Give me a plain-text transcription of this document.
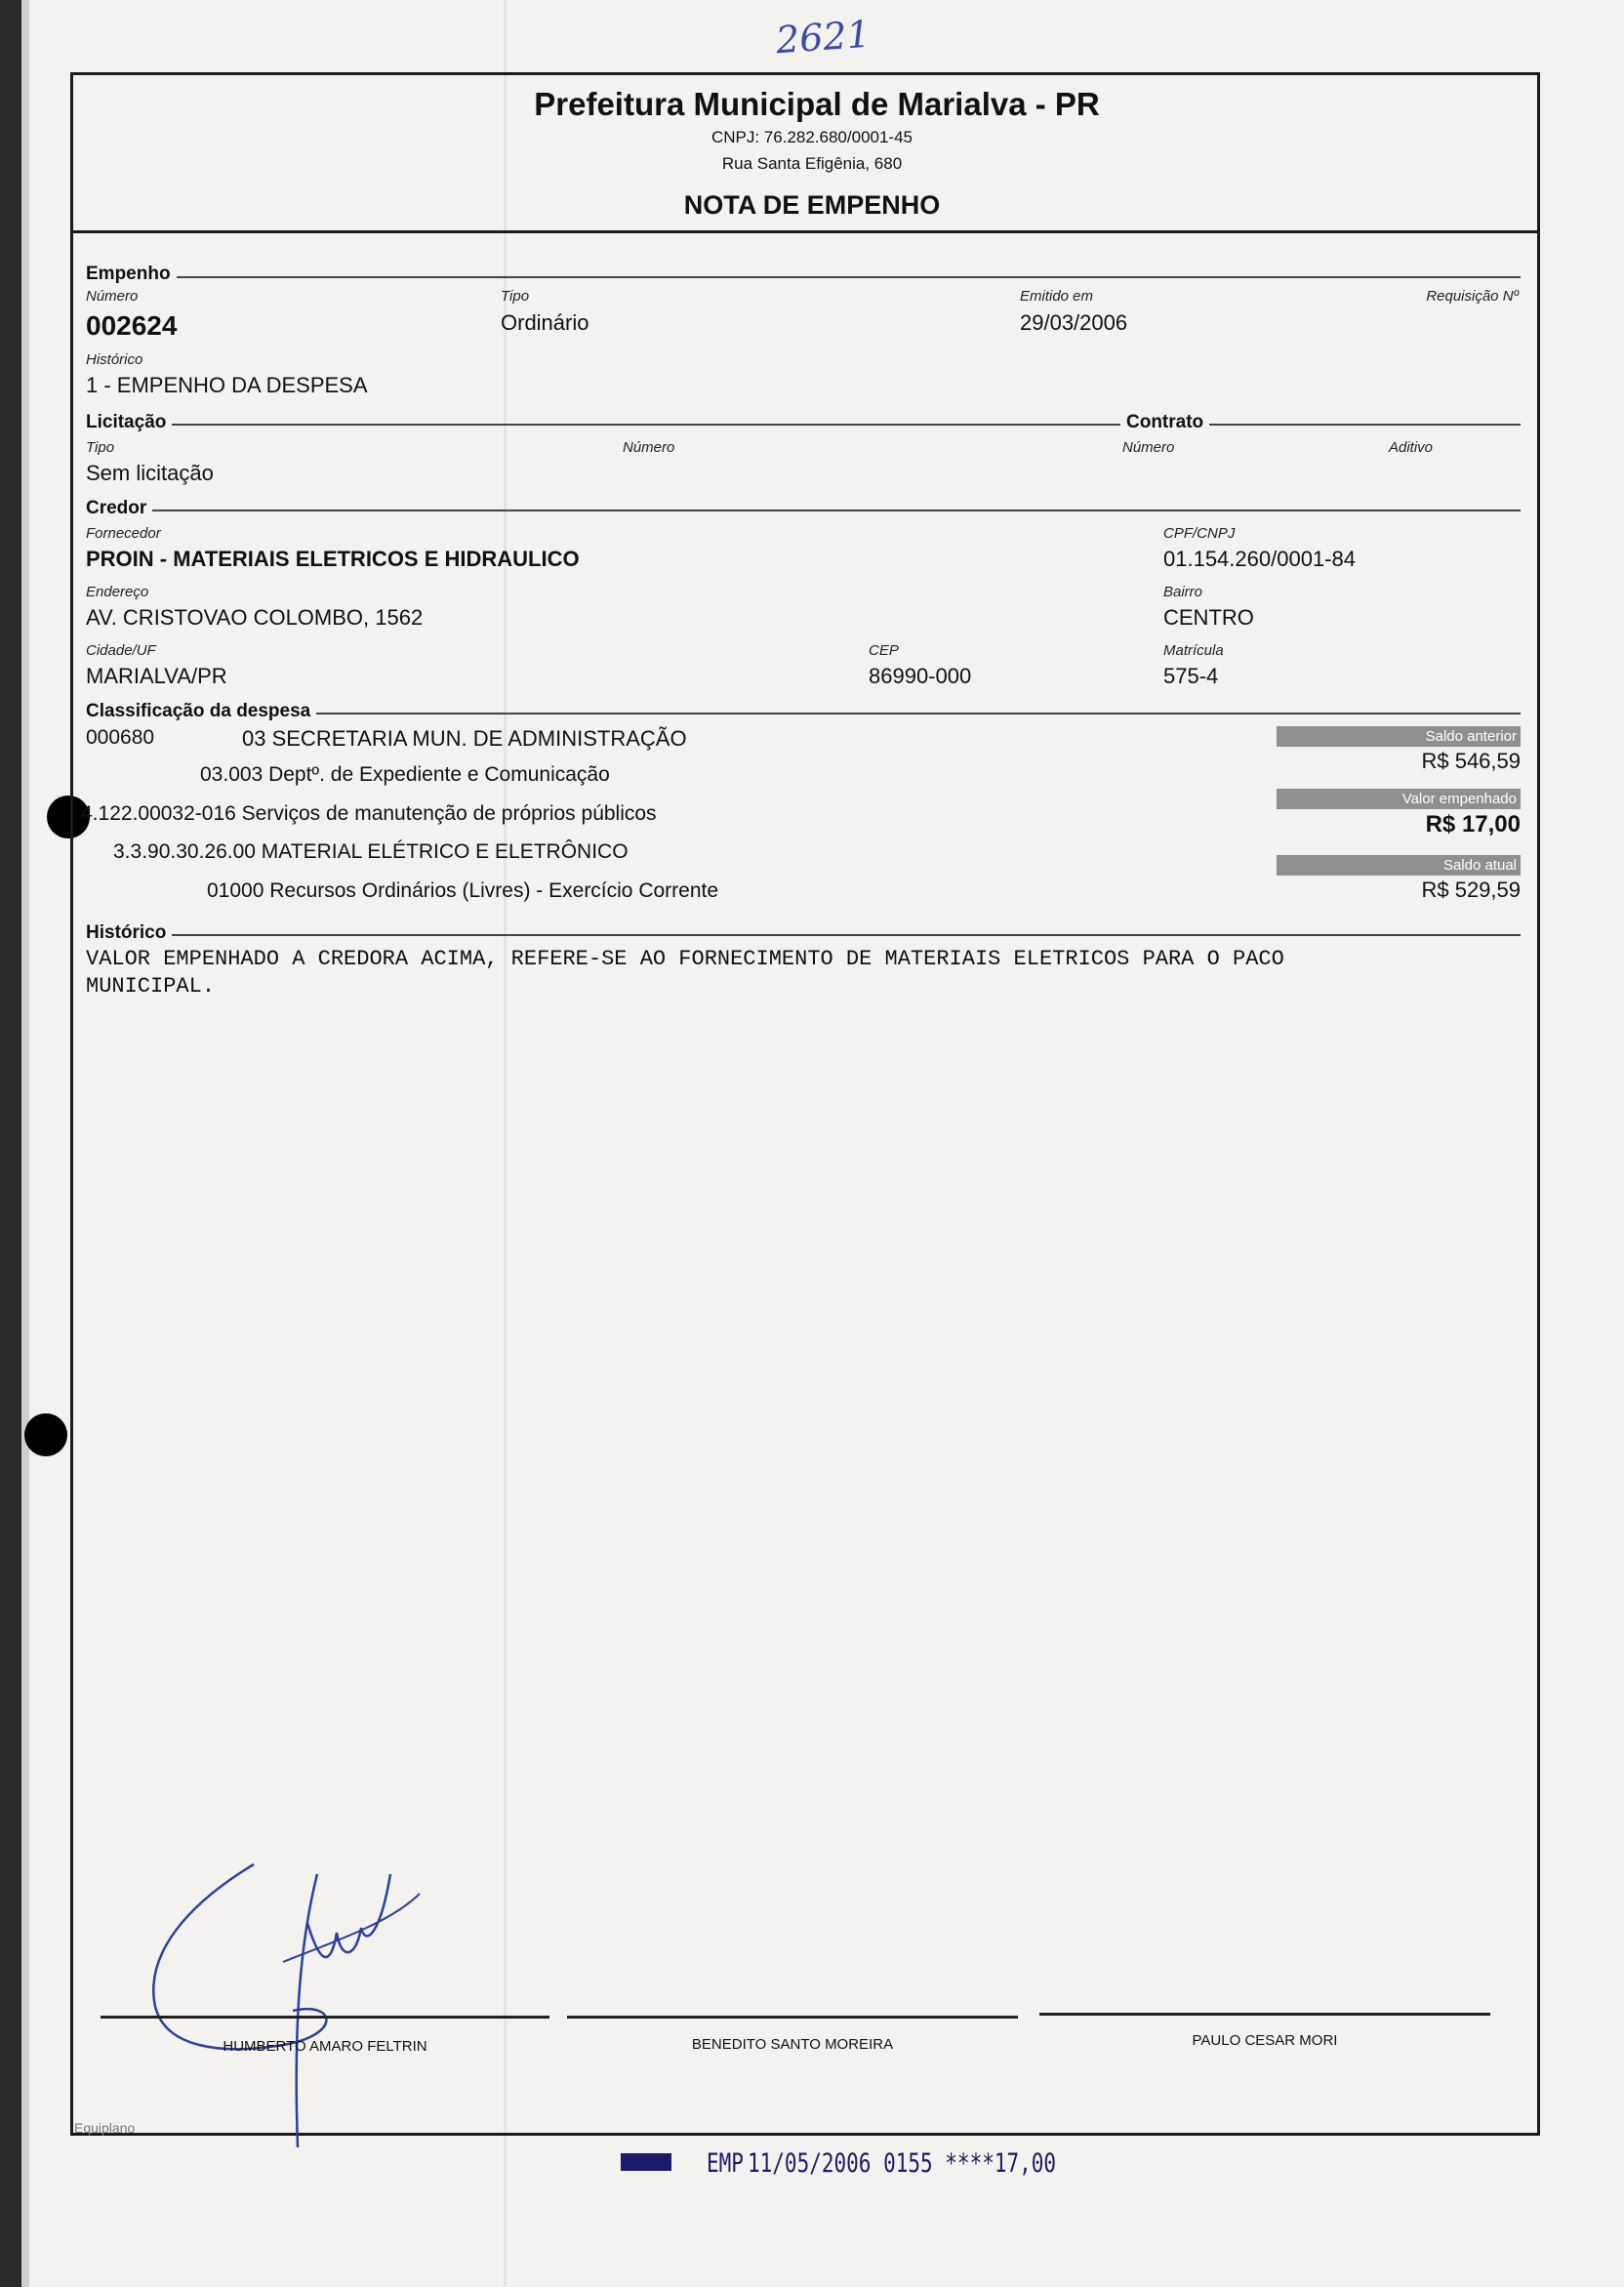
2621
Prefeitura Municipal de Marialva - PR
CNPJ: 76.282.680/0001-45
Rua Santa Efigênia, 680
NOTA DE EMPENHO
Empenho
Número
002624
Tipo
Ordinário
Emitido em
29/03/2006
Requisição Nº
Histórico
1 - EMPENHO DA DESPESA
Licitação	Contrato
Tipo
Sem licitação
Número	Número	Aditivo
Credor
Fornecedor
PROIN - MATERIAIS ELETRICOS E HIDRAULICO
CPF/CNPJ
01.154.260/0001-84
Endereço
AV. CRISTOVAO COLOMBO, 1562
Bairro
CENTRO
Cidade/UF
MARIALVA/PR
CEP
86990-000
Matrícula
575-4
Classificação da despesa
000680	03 SECRETARIA MUN. DE ADMINISTRAÇÃO
03.003 Deptº. de Expediente e Comunicação
4.122.00032-016 Serviços de manutenção de próprios públicos
3.3.90.30.26.00 MATERIAL ELÉTRICO E ELETRÔNICO
01000 Recursos Ordinários (Livres) - Exercício Corrente
Saldo anterior
R$ 546,59
Valor empenhado
R$ 17,00
Saldo atual
R$ 529,59
Histórico
VALOR EMPENHADO A CREDORA ACIMA, REFERE-SE AO FORNECIMENTO DE MATERIAIS ELETRICOS PARA O PACO
MUNICIPAL.
HUMBERTO AMARO FELTRIN	BENEDITO SANTO MOREIRA	PAULO CESAR MORI
Equiplano
EMP 11/05/2006 0155 ****17,00
